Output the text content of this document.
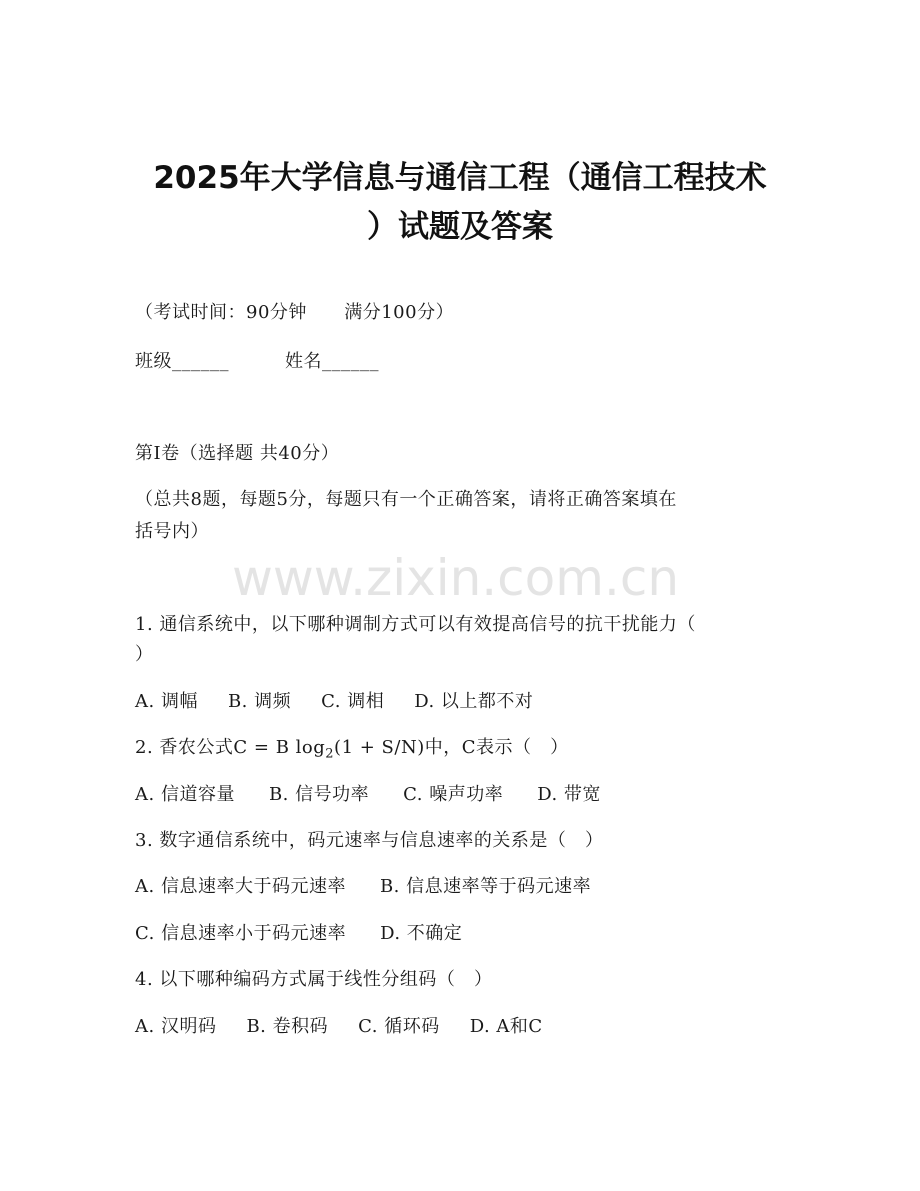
2025年大学信息与通信工程（通信工程技术
）试题及答案
（考试时间：90分钟      满分100分）
班级______	姓名______
第I卷（选择题 共40分）
（总共8题，每题5分，每题只有一个正确答案，请将正确答案填在
括号内）
www.zixin.com.cn
1. 通信系统中，以下哪种调制方式可以有效提高信号的抗干扰能力（
）
A. 调幅 B. 调频 C. 调相 D. 以上都不对
2. 香农公式C = B $\log_2(1 + S/N)$中，C表示（   ）
A. 信道容量 B. 信号功率 C. 噪声功率 D. 带宽
3. 数字通信系统中，码元速率与信息速率的关系是（   ）
A. 信息速率大于码元速率 B. 信息速率等于码元速率
C. 信息速率小于码元速率 D. 不确定
4. 以下哪种编码方式属于线性分组码（   ）
A. 汉明码 B. 卷积码 C. 循环码 D. A和C
